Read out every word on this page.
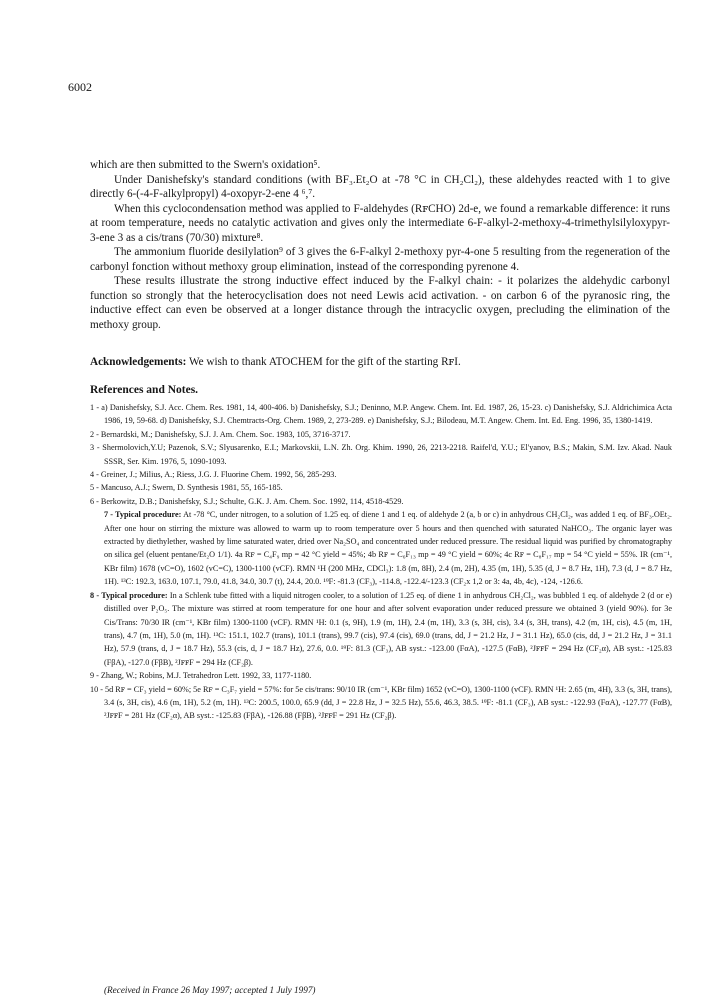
6002

which are then submitted to the Swern's oxidation⁵.

Under Danishefsky's standard conditions (with BF₃.Et₂O at -78 °C in CH₂Cl₂), these aldehydes reacted with 1 to give directly 6-(-4-F-alkylpropyl) 4-oxopyr-2-ene 4 ⁶,⁷.

When this cyclocondensation method was applied to F-aldehydes (RꜰCHO) 2d-e, we found a remarkable difference: it runs at room temperature, needs no catalytic activation and gives only the intermediate 6-F-alkyl-2-methoxy-4-trimethylsilyloxypyr-3-ene 3 as a cis/trans (70/30) mixture⁸.

The ammonium fluoride desilylation⁹ of 3 gives the 6-F-alkyl 2-methoxy pyr-4-one 5 resulting from the regeneration of the carbonyl fonction without methoxy group elimination, instead of the corresponding pyrenone 4.

These results illustrate the strong inductive effect induced by the F-alkyl chain: - it polarizes the aldehydic carbonyl function so strongly that the heterocyclisation does not need Lewis acid activation. - on carbon 6 of the pyranosic ring, the inductive effect can even be observed at a longer distance through the intracyclic oxygen, precluding the elimination of the methoxy group.

Acknowledgements: We wish to thank ATOCHEM for the gift of the starting RꜰI.
References and Notes.

1 - a) Danishefsky, S.J. Acc. Chem. Res. 1981, 14, 400-406. b) Danishefsky, S.J.; Deninno, M.P. Angew. Chem. Int. Ed. 1987, 26, 15-23. c) Danishefsky, S.J. Aldrichimica Acta 1986, 19, 59-68. d) Danishefsky, S.J. Chemtracts-Org. Chem. 1989, 2, 273-289. e) Danishefsky, S.J.; Bilodeau, M.T. Angew. Chem. Int. Ed. Eng. 1996, 35, 1380-1419.

2 - Bernardski, M.; Danishefsky, S.J. J. Am. Chem. Soc. 1983, 105, 3716-3717.

3 - Shermolovich,Y.U; Pazenok, S.V.; Slyusarenko, E.I.; Markovskii, L.N. Zh. Org. Khim. 1990, 26, 2213-2218. Raifel'd, Y.U.; El'yanov, B.S.; Makin, S.M. Izv. Akad. Nauk SSSR, Ser. Kim. 1976, 5, 1090-1093.

4 - Greiner, J.; Milius, A.; Riess, J.G. J. Fluorine Chem. 1992, 56, 285-293.

5 - Mancuso, A.J.; Swern, D. Synthesis 1981, 55, 165-185.

6 - Berkowitz, D.B.; Danishefsky, S.J.; Schulte, G.K. J. Am. Chem. Soc. 1992, 114, 4518-4529.

7 - Typical procedure: At -78 °C, under nitrogen, to a solution of 1.25 eq. of diene 1 and 1 eq. of aldehyde 2 (a, b or c) in anhydrous CH₂Cl₂, was added 1 eq. of BF₃.OEt₂. After one hour on stirring the mixture was allowed to warm up to room temperature over 5 hours and then quenched with saturated NaHCO₃. The organic layer was extracted by diethylether, washed by lime saturated water, dried over Na₂SO₄ and concentrated under reduced pressure. The residual liquid was purified by chromatography on silica gel (eluent pentane/Et₂O 1/1). 4a Rꜰ = C₄F₉ mp = 42 °C yield = 45%; 4b Rꜰ = C₆F₁₃ mp = 49 °C yield = 60%; 4c Rꜰ = C₈F₁₇ mp = 54 °C yield = 55%. IR (cm⁻¹, KBr film) 1678 (vC=O), 1602 (vC=C), 1300-1100 (vCF). RMN ¹H (200 MHz, CDCl₃): 1.8 (m, 8H), 2.4 (m, 2H), 4.35 (m, 1H), 5.35 (d, J = 8.7 Hz, 1H), 7.3 (d, J = 8.7 Hz, 1H). ¹³C: 192.3, 163.0, 107.1, 79.0, 41.8, 34.0, 30.7 (t), 24.4, 20.0. ¹⁹F: -81.3 (CF₃), -114.8, -122.4/-123.3 (CF₂x 1,2 or 3: 4a, 4b, 4c), -124, -126.6.

8 - Typical procedure: In a Schlenk tube fitted with a liquid nitrogen cooler, to a solution of 1.25 eq. of diene 1 in anhydrous CH₂Cl₂, was bubbled 1 eq. of aldehyde 2 (d or e) distilled over P₂O₅. The mixture was stirred at room temperature for one hour and after solvent evaporation under reduced pressure we obtained 3 (yield 90%). for 3e Cis/Trans: 70/30 IR (cm⁻¹, KBr film) 1300-1100 (vCF). RMN ¹H: 0.1 (s, 9H), 1.9 (m, 1H), 2.4 (m, 1H), 3.3 (s, 3H, cis), 3.4 (s, 3H, trans), 4.2 (m, 1H, cis), 4.5 (m, 1H, trans), 4.7 (m, 1H), 5.0 (m, 1H). ¹³C: 151.1, 102.7 (trans), 101.1 (trans), 99.7 (cis), 97.4 (cis), 69.0 (trans, dd, J = 21.2 Hz, J = 31.1 Hz), 65.0 (cis, dd, J = 21.2 Hz, J = 31.1 Hz), 57.9 (trans, d, J = 18.7 Hz), 55.3 (cis, d, J = 18.7 Hz), 27.6, 0.0. ¹⁹F: 81.3 (CF₃), AB syst.: -123.00 (FαA), -127.5 (FαB), ²JꜰꜰF = 294 Hz (CF₂α), AB syst.: -125.83 (FβA), -127.0 (FβB), ²JꜰꜰF = 294 Hz (CF₂β).

9 - Zhang, W.; Robins, M.J. Tetrahedron Lett. 1992, 33, 1177-1180.

10 - 5d Rꜰ = CF₃ yield = 60%; 5e Rꜰ = C₃F₇ yield = 57%: for 5e cis/trans: 90/10 IR (cm⁻¹, KBr film) 1652 (vC=O), 1300-1100 (vCF). RMN ¹H: 2.65 (m, 4H), 3.3 (s, 3H, trans), 3.4 (s, 3H, cis), 4.6 (m, 1H), 5.2 (m, 1H). ¹³C: 200.5, 100.0, 65.9 (dd, J = 22.8 Hz, J = 32.5 Hz), 55.6, 46.3, 38.5. ¹⁹F: -81.1 (CF₃), AB syst.: -122.93 (FαA), -127.77 (FαB), ²JꜰꜰF = 281 Hz (CF₂α), AB syst.: -125.83 (FβA), -126.88 (FβB), ²JꜰꜰF = 291 Hz (CF₂β).

(Received in France 26 May 1997; accepted 1 July 1997)
